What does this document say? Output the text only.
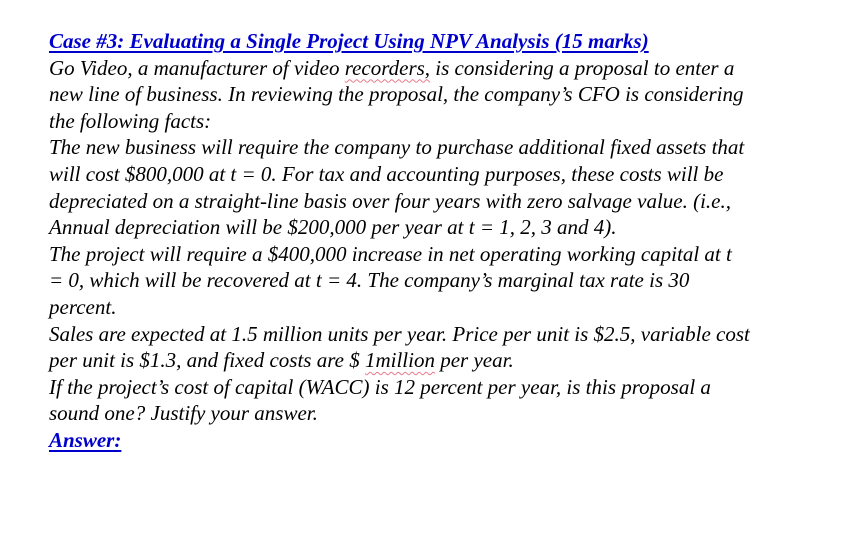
Case #3: Evaluating a Single Project Using NPV Analysis (15 marks)
Go Video, a manufacturer of video recorders, is considering a proposal to enter a
new line of business. In reviewing the proposal, the company’s CFO is considering
the following facts:
The new business will require the company to purchase additional fixed assets that
will cost $800,000 at t = 0. For tax and accounting purposes, these costs will be
depreciated on a straight-line basis over four years with zero salvage value. (i.e.,
Annual depreciation will be $200,000 per year at t = 1, 2, 3 and 4).
The project will require a $400,000 increase in net operating working capital at t
= 0, which will be recovered at t = 4. The company’s marginal tax rate is 30
percent.
Sales are expected at 1.5 million units per year. Price per unit is $2.5, variable cost
per unit is $1.3, and fixed costs are $ 1million per year.
If the project’s cost of capital (WACC) is 12 percent per year, is this proposal a
sound one? Justify your answer.
Answer:
